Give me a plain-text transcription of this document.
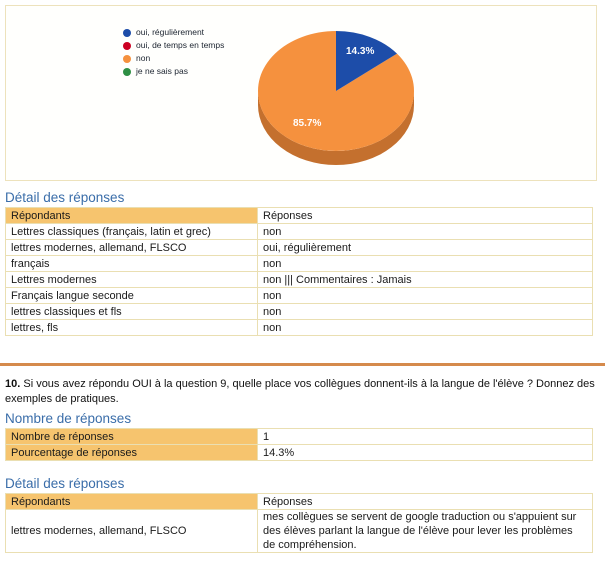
14.3%
85.7%
oui, régulièrement
oui, de temps en temps
non
je ne sais pas
Détail des réponses
Répondants	Réponses
Lettres classiques (français, latin et grec)	non
lettres modernes, allemand, FLSCO	oui, régulièrement
français	non
Lettres modernes	non ||| Commentaires : Jamais
Français langue seconde	non
lettres classiques et fls	non
lettres, fls	non
10. Si vous avez répondu OUI à la question 9, quelle place vos collègues donnent-ils à la langue de l'élève ? Donnez des exemples de pratiques.
Nombre de réponses
Nombre de réponses	1
Pourcentage de réponses	14.3%
Détail des réponses
Répondants	Réponses
lettres modernes, allemand, FLSCO	mes collègues se servent de google traduction ou s'appuient sur des élèves parlant la langue de l'élève pour lever les problèmes de compréhension.
